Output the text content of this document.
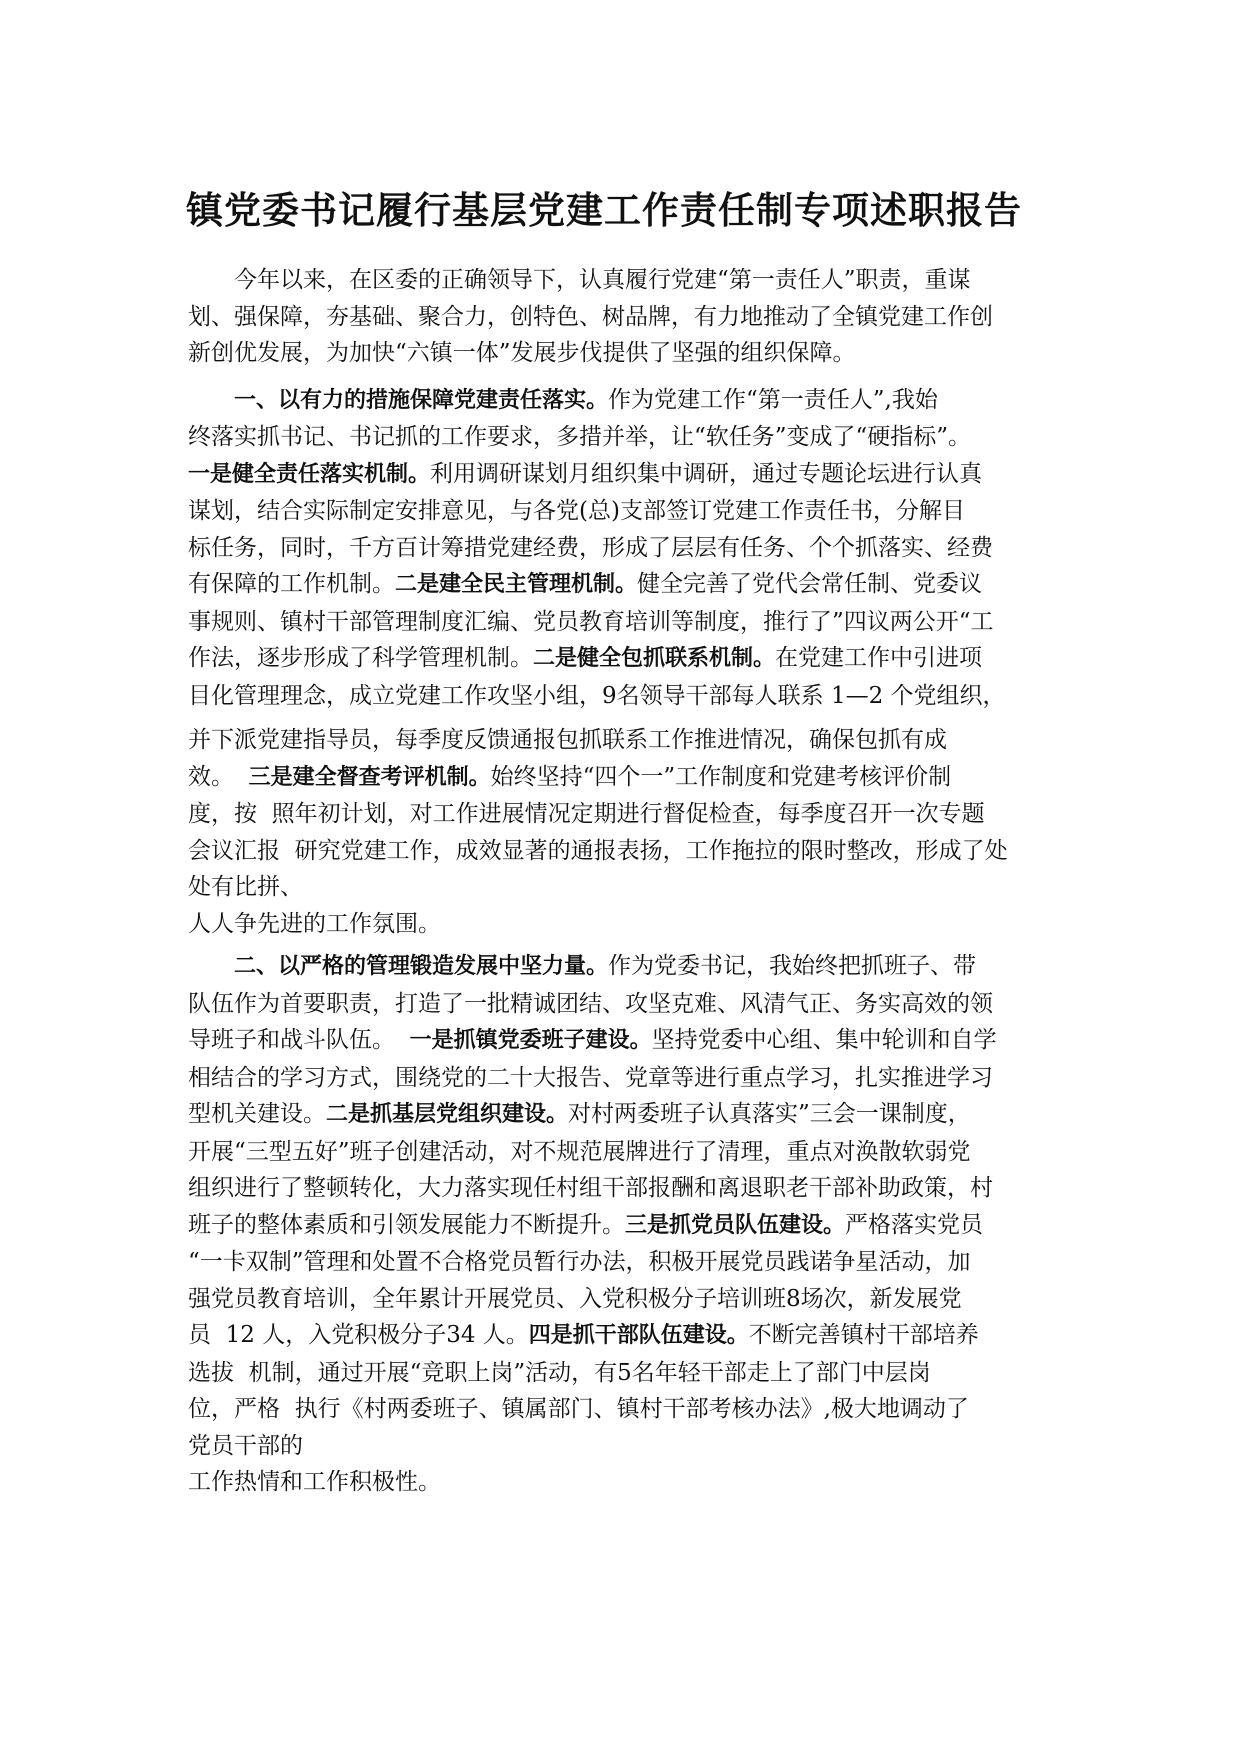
镇党委书记履行基层党建工作责任制专项述职报告
今年以来，在区委的正确领导下，认真履行党建“第一责任人”职责，重谋
划、强保障，夯基础、聚合力，创特色、树品牌，有力地推动了全镇党建工作创
新创优发展，为加快“六镇一体”发展步伐提供了坚强的组织保障。
一、以有力的措施保障党建责任落实。作为党建工作“第一责任人”,我始
终落实抓书记、书记抓的工作要求，多措并举，让“软任务”变成了“硬指标”。
一是健全责任落实机制。利用调研谋划月组织集中调研，通过专题论坛进行认真
谋划，结合实际制定安排意见，与各党(总)支部签订党建工作责任书，分解目
标任务，同时，千方百计筹措党建经费，形成了层层有任务、个个抓落实、经费
有保障的工作机制。二是建全民主管理机制。健全完善了党代会常任制、党委议
事规则、镇村干部管理制度汇编、党员教育培训等制度，推行了”四议两公开“工
作法，逐步形成了科学管理机制。二是健全包抓联系机制。在党建工作中引进项
目化管理理念，成立党建工作攻坚小组，9名领导干部每人联系 1—2 个党组织，
并下派党建指导员，每季度反馈通报包抓联系工作推进情况，确保包抓有成
效。  三是建全督查考评机制。始终坚持“四个一”工作制度和党建考核评价制
度，按  照年初计划，对工作进展情况定期进行督促检查，每季度召开一次专题
会议汇报  研究党建工作，成效显著的通报表扬，工作拖拉的限时整改，形成了处
处有比拼、
人人争先进的工作氛围。
二、以严格的管理锻造发展中坚力量。作为党委书记，我始终把抓班子、带
队伍作为首要职责，打造了一批精诚团结、攻坚克难、风清气正、务实高效的领
导班子和战斗队伍。  一是抓镇党委班子建设。坚持党委中心组、集中轮训和自学
相结合的学习方式，围绕党的二十大报告、党章等进行重点学习，扎实推进学习
型机关建设。二是抓基层党组织建设。对村两委班子认真落实”三会一课制度，
开展“三型五好”班子创建活动，对不规范展牌进行了清理，重点对涣散软弱党
组织进行了整顿转化，大力落实现任村组干部报酬和离退职老干部补助政策，村
班子的整体素质和引领发展能力不断提升。三是抓党员队伍建设。严格落实党员
“一卡双制”管理和处置不合格党员暂行办法，积极开展党员践诺争星活动，加
强党员教育培训，全年累计开展党员、入党积极分子培训班8场次，新发展党
员  12 人，入党积极分子34 人。四是抓干部队伍建设。不断完善镇村干部培养
选拔  机制，通过开展“竞职上岗”活动，有5名年轻干部走上了部门中层岗
位，严格  执行《村两委班子、镇属部门、镇村干部考核办法》,极大地调动了
党员干部的
工作热情和工作积极性。
